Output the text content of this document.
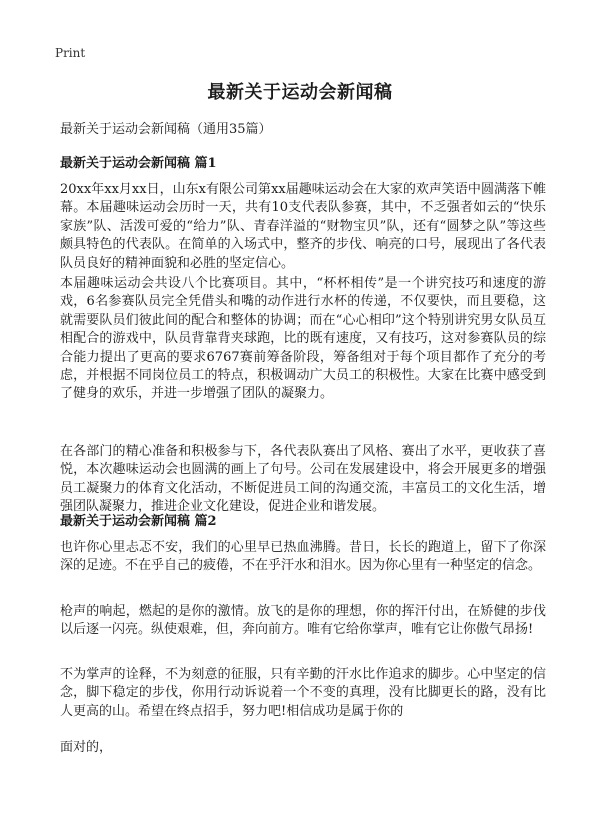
Print
最新关于运动会新闻稿
最新关于运动会新闻稿（通用35篇）
最新关于运动会新闻稿 篇1

20xx年xx月xx日，山东x有限公司第xx届趣味运动会在大家的欢声笑语中圆满落下帷幕。本届趣味运动会历时一天，共有10支代表队参赛，其中，不乏强者如云的“快乐家族”队、活泼可爱的“给力”队、青春洋溢的“财物宝贝”队，还有“圆梦之队”等这些颇具特色的代表队。在简单的入场式中，整齐的步伐、响亮的口号，展现出了各代表队员良好的精神面貌和必胜的坚定信心。

本届趣味运动会共设八个比赛项目。其中，“杯杯相传”是一个讲究技巧和速度的游戏，6名参赛队员完全凭借头和嘴的动作进行水杯的传递，不仅要快，而且要稳，这就需要队员们彼此间的配合和整体的协调；而在“心心相印”这个特别讲究男女队员互相配合的游戏中，队员背靠背夹球跑，比的既有速度，又有技巧，这对参赛队员的综合能力提出了更高的要求6767赛前筹备阶段，筹备组对于每个项目都作了充分的考虑，并根据不同岗位员工的特点，积极调动广大员工的积极性。大家在比赛中感受到了健身的欢乐，并进一步增强了团队的凝聚力。

在各部门的精心准备和积极参与下，各代表队赛出了风格、赛出了水平，更收获了喜悦，本次趣味运动会也圆满的画上了句号。公司在发展建设中，将会开展更多的增强员工凝聚力的体育文化活动，不断促进员工间的沟通交流，丰富员工的文化生活，增强团队凝聚力，推进企业文化建设，促进企业和谐发展。

最新关于运动会新闻稿 篇2

也许你心里忐忑不安，我们的心里早已热血沸腾。昔日，长长的跑道上，留下了你深深的足迹。不在乎自己的疲倦，不在乎汗水和泪水。因为你心里有一种坚定的信念。

枪声的响起，燃起的是你的激情。放飞的是你的理想，你的挥汗付出，在矫健的步伐以后逐一闪亮。纵使艰难，但，奔向前方。唯有它给你掌声，唯有它让你傲气昂扬!

不为掌声的诠释，不为刻意的征服，只有辛勤的汗水比作追求的脚步。心中坚定的信念，脚下稳定的步伐，你用行动诉说着一个不变的真理，没有比脚更长的路，没有比人更高的山。希望在终点招手，努力吧!相信成功是属于你的

面对的，
